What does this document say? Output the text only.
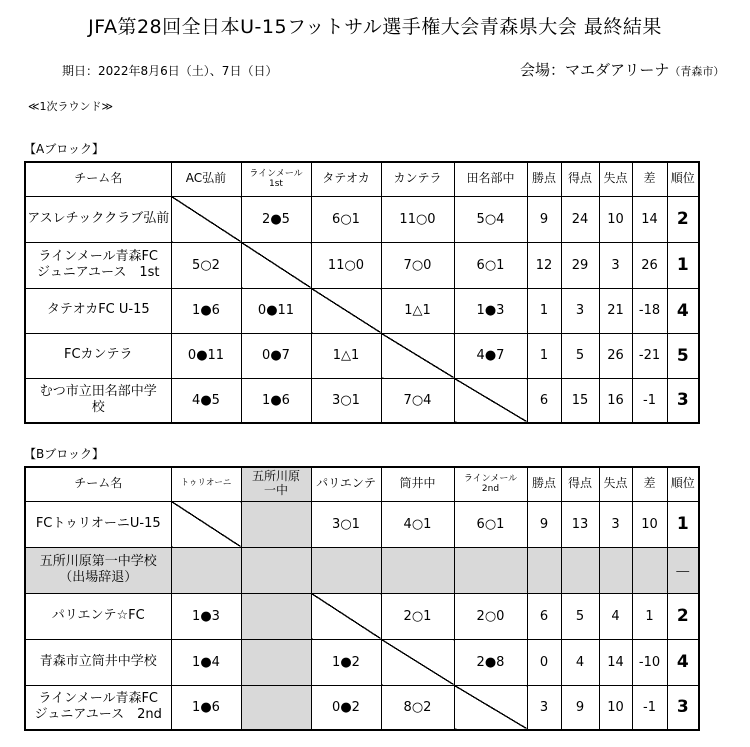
JFA第28回全日本U-15フットサル選手権大会青森県大会 最終結果
期日：2022年8月6日（土）、7日（日）	会場：マエダアリーナ（青森市）
≪1次ラウンド≫
【Aブロック】
チーム名	AC弘前	ラインメール
1st	タテオカ	カンテラ	田名部中	勝点	得点	失点	差	順位
アスレチッククラブ弘前		2●5	6○1	11○0	5○4	9	24	10	14	2
ラインメール青森FC
ジュニアユース　1st	5○2		11○0	7○0	6○1	12	29	3	26	1
タテオカFC U-15	1●6	0●11		1△1	1●3	1	3	21	-18	4
FCカンテラ	0●11	0●7	1△1		4●7	1	5	26	-21	5
むつ市立田名部中学
校	4●5	1●6	3○1	7○4		6	15	16	-1	3
【Bブロック】
チーム名	トゥリオーニ	五所川原
一中	パリエンテ	筒井中	ラインメール
2nd	勝点	得点	失点	差	順位
FCトゥリオーニU-15			3○1	4○1	6○1	9	13	3	10	1
五所川原第一中学校
（出場辞退）										－
パリエンテ☆FC	1●3			2○1	2○0	6	5	4	1	2
青森市立筒井中学校	1●4		1●2		2●8	0	4	14	-10	4
ラインメール青森FC
ジュニアユース　2nd	1●6		0●2	8○2		3	9	10	-1	3
